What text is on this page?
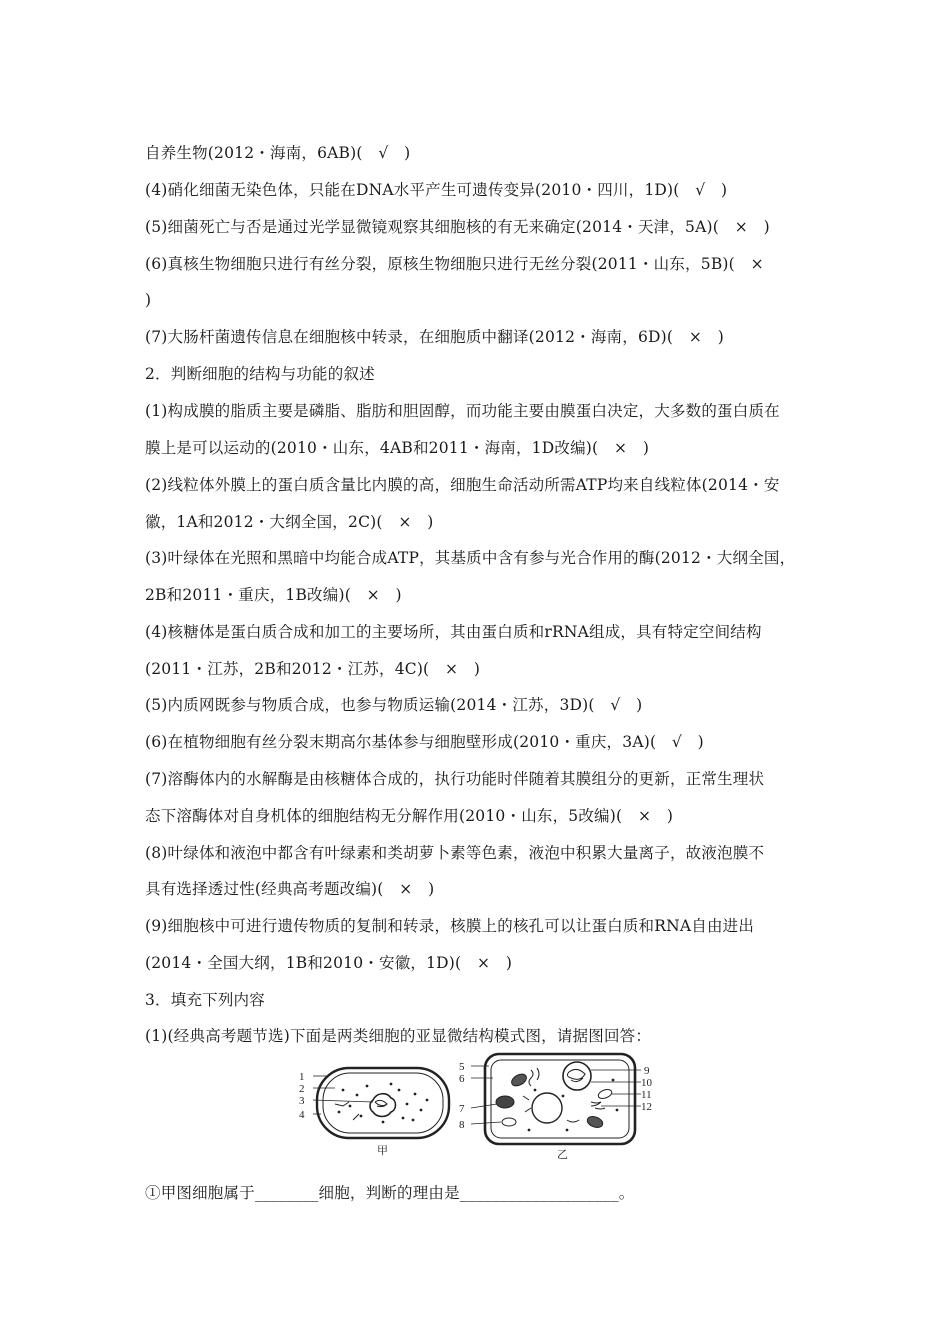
自养生物(2012・海南，6AB)(　√　)
(4)硝化细菌无染色体，只能在DNA水平产生可遗传变异(2010・四川，1D)(　√　)
(5)细菌死亡与否是通过光学显微镜观察其细胞核的有无来确定(2014・天津，5A)(　×　)
(6)真核生物细胞只进行有丝分裂，原核生物细胞只进行无丝分裂(2011・山东，5B)(　×
)
(7)大肠杆菌遗传信息在细胞核中转录，在细胞质中翻译(2012・海南，6D)(　×　)
2．判断细胞的结构与功能的叙述
(1)构成膜的脂质主要是磷脂、脂肪和胆固醇，而功能主要由膜蛋白决定，大多数的蛋白质在
膜上是可以运动的(2010・山东，4AB和2011・海南，1D改编)(　×　)
(2)线粒体外膜上的蛋白质含量比内膜的高，细胞生命活动所需ATP均来自线粒体(2014・安
徽，1A和2012・大纲全国，2C)(　×　)
(3)叶绿体在光照和黑暗中均能合成ATP，其基质中含有参与光合作用的酶(2012・大纲全国，
2B和2011・重庆，1B改编)(　×　)
(4)核糖体是蛋白质合成和加工的主要场所，其由蛋白质和rRNA组成，具有特定空间结构
(2011・江苏，2B和2012・江苏，4C)(　×　)
(5)内质网既参与物质合成，也参与物质运输(2014・江苏，3D)(　√　)
(6)在植物细胞有丝分裂末期高尔基体参与细胞壁形成(2010・重庆，3A)(　√　)
(7)溶酶体内的水解酶是由核糖体合成的，执行功能时伴随着其膜组分的更新，正常生理状
态下溶酶体对自身机体的细胞结构无分解作用(2010・山东，5改编)(　×　)
(8)叶绿体和液泡中都含有叶绿素和类胡萝卜素等色素，液泡中积累大量离子，故液泡膜不
具有选择透过性(经典高考题改编)(　×　)
(9)细胞核中可进行遗传物质的复制和转录，核膜上的核孔可以让蛋白质和RNA自由进出
(2014・全国大纲，1B和2010・安徽，1D)(　×　)
3．填充下列内容
(1)(经典高考题节选)下面是两类细胞的亚显微结构模式图，请据图回答：
1
2
3
4
甲
5
6
7
8
9
10
11
12
乙
①甲图细胞属于________细胞，判断的理由是____________________。
